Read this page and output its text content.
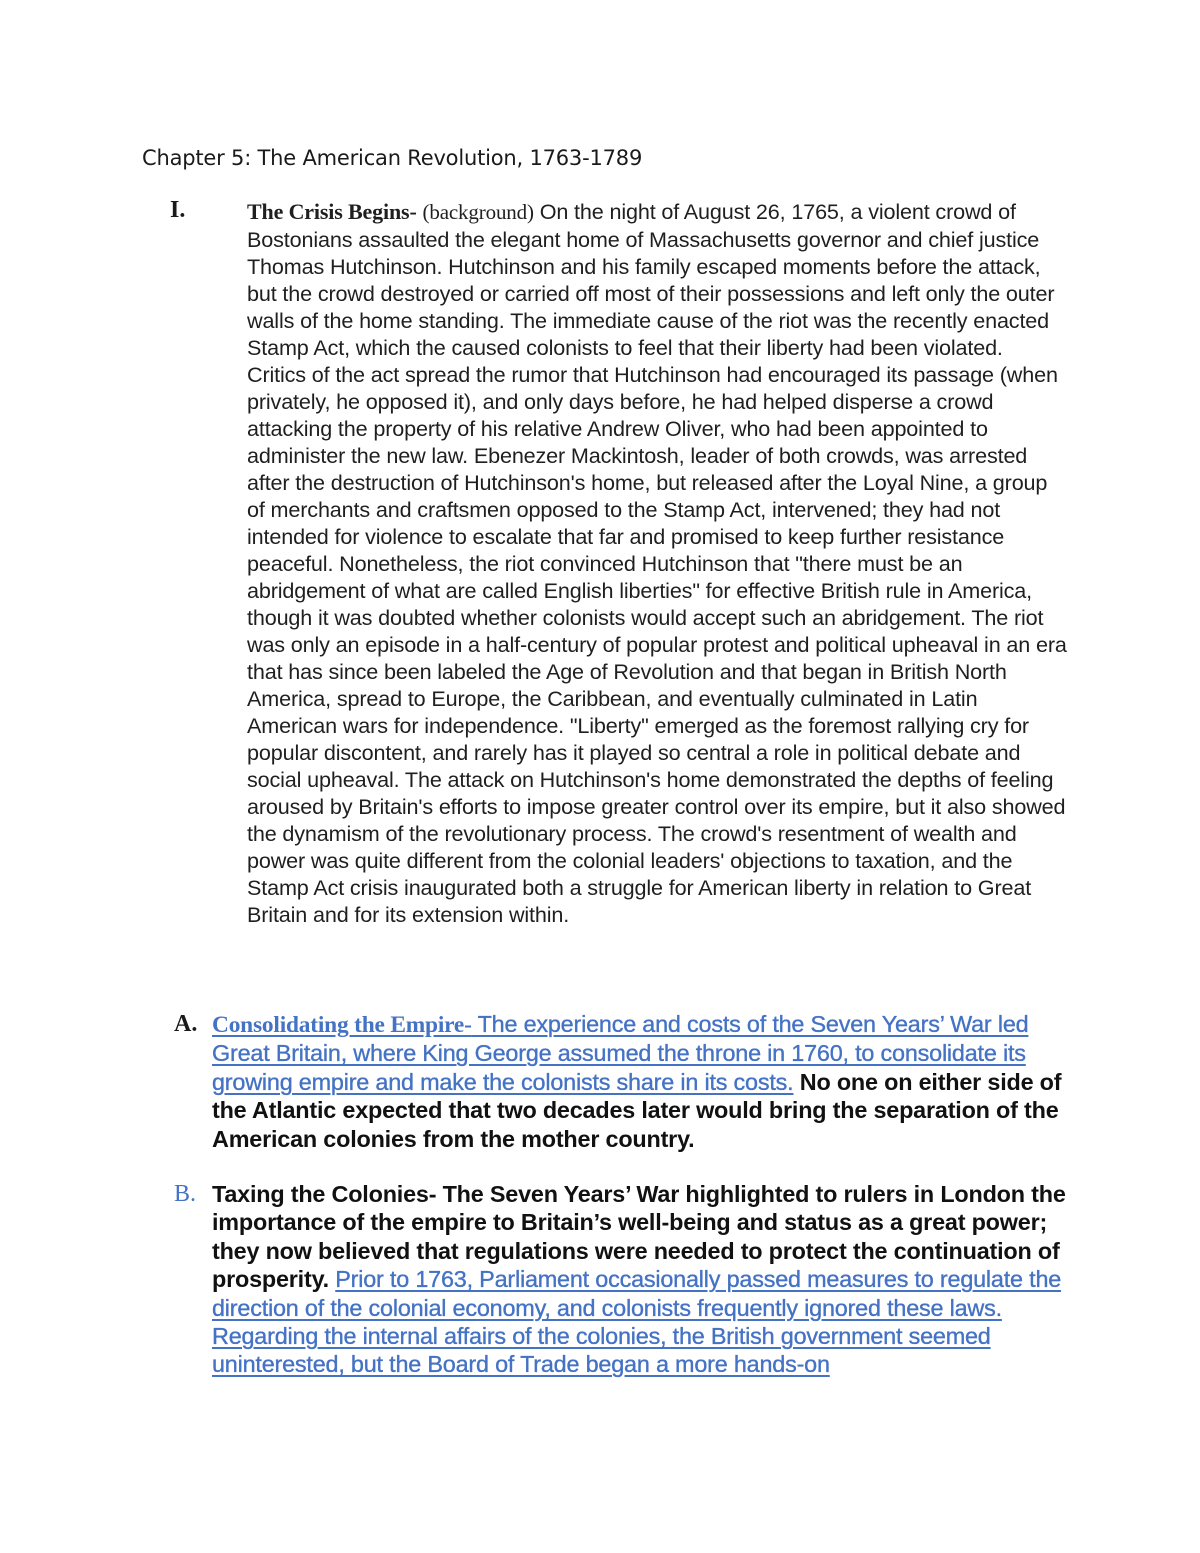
Chapter 5: The American Revolution, 1763-1789
I.	The Crisis Begins- (background) On the night of August 26, 1765, a violent crowd of Bostonians assaulted the elegant home of Massachusetts governor and chief justice Thomas Hutchinson. Hutchinson and his family escaped moments before the attack, but the crowd destroyed or carried off most of their possessions and left only the outer walls of the home standing. The immediate cause of the riot was the recently enacted Stamp Act, which the caused colonists to feel that their liberty had been violated. Critics of the act spread the rumor that Hutchinson had encouraged its passage (when privately, he opposed it), and only days before, he had helped disperse a crowd attacking the property of his relative Andrew Oliver, who had been appointed to administer the new law. Ebenezer Mackintosh, leader of both crowds, was arrested after the destruction of Hutchinson's home, but released after the Loyal Nine, a group of merchants and craftsmen opposed to the Stamp Act, intervened; they had not intended for violence to escalate that far and promised to keep further resistance peaceful. Nonetheless, the riot convinced Hutchinson that "there must be an abridgement of what are called English liberties" for effective British rule in America, though it was doubted whether colonists would accept such an abridgement. The riot was only an episode in a half-century of popular protest and political upheaval in an era that has since been labeled the Age of Revolution and that began in British North America, spread to Europe, the Caribbean, and eventually culminated in Latin American wars for independence. "Liberty" emerged as the foremost rallying cry for popular discontent, and rarely has it played so central a role in political debate and social upheaval. The attack on Hutchinson's home demonstrated the depths of feeling aroused by Britain's efforts to impose greater control over its empire, but it also showed the dynamism of the revolutionary process. The crowd's resentment of wealth and power was quite different from the colonial leaders' objections to taxation, and the Stamp Act crisis inaugurated both a struggle for American liberty in relation to Great Britain and for its extension within.
A. Consolidating the Empire- The experience and costs of the Seven Years’ War led Great Britain, where King George assumed the throne in 1760, to consolidate its growing empire and make the colonists share in its costs. No one on either side of the Atlantic expected that two decades later would bring the separation of the American colonies from the mother country.
B. Taxing the Colonies- The Seven Years’ War highlighted to rulers in London the importance of the empire to Britain’s well-being and status as a great power; they now believed that regulations were needed to protect the continuation of prosperity. Prior to 1763, Parliament occasionally passed measures to regulate the direction of the colonial economy, and colonists frequently ignored these laws. Regarding the internal affairs of the colonies, the British government seemed uninterested, but the Board of Trade began a more hands-on
